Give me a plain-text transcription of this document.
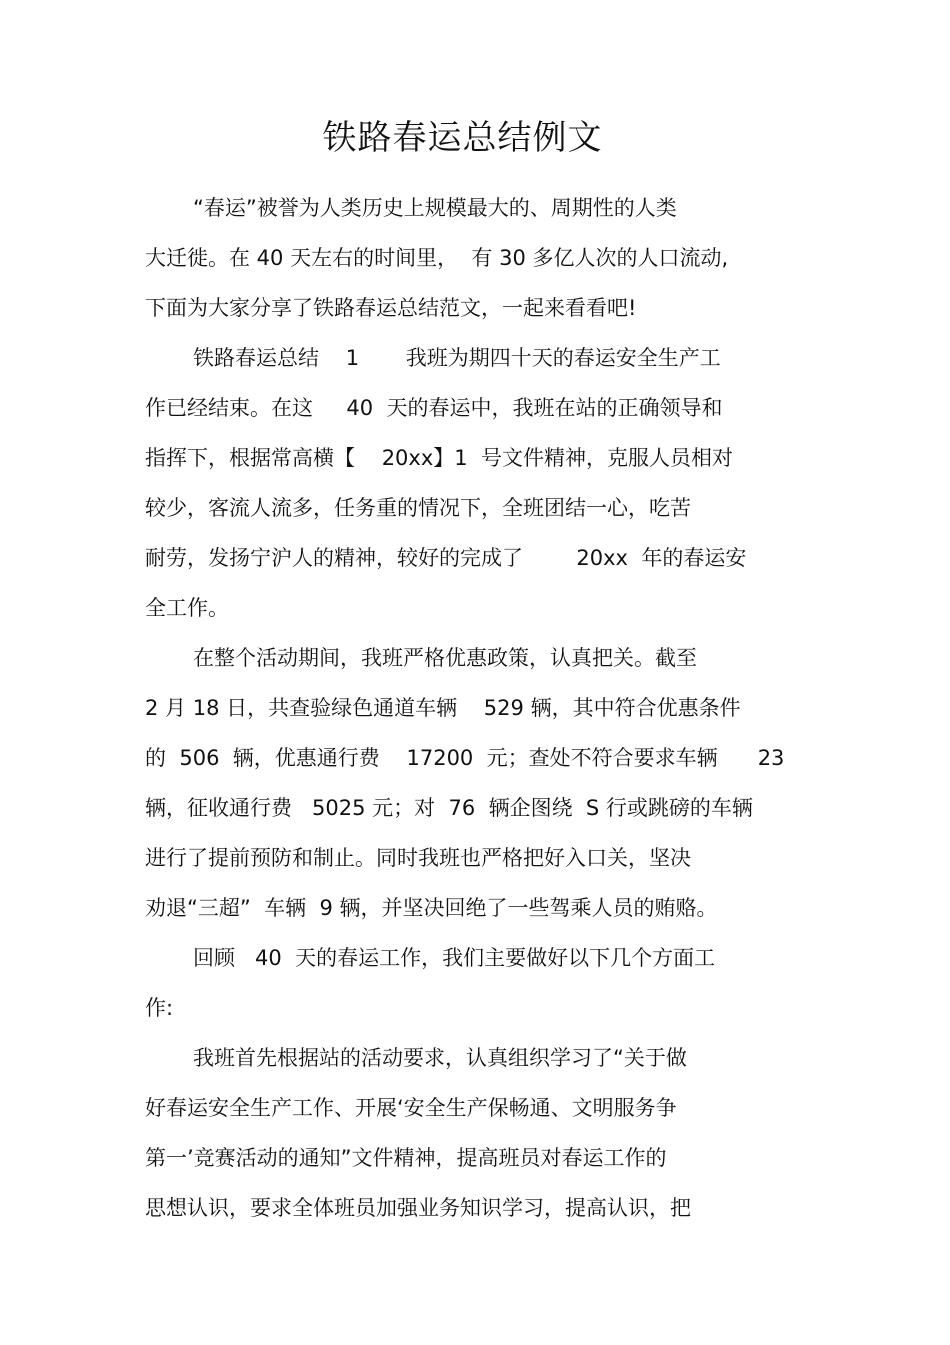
铁路春运总结例文
“春运”被誉为人类历史上规模最大的、周期性的人类
大迁徙。在 40 天左右的时间里，  有 30 多亿人次的人口流动,
下面为大家分享了铁路春运总结范文，一起来看看吧!
铁路春运总结    1       我班为期四十天的春运安全生产工
作已经结束。在这     40  天的春运中，我班在站的正确领导和
指挥下，根据常高横【    20xx】1  号文件精神，克服人员相对
较少，客流人流多，任务重的情况下，全班团结一心，吃苦
耐劳，发扬宁沪人的精神，较好的完成了        20xx  年的春运安
全工作。
在整个活动期间，我班严格优惠政策，认真把关。截至
2 月 18 日，共查验绿色通道车辆    529 辆，其中符合优惠条件
的  506  辆，优惠通行费    17200  元；查处不符合要求车辆      23
辆，征收通行费   5025 元；对  76  辆企图绕  S 行或跳磅的车辆
进行了提前预防和制止。同时我班也严格把好入口关，坚决
劝退“三超”  车辆  9 辆，并坚决回绝了一些驾乘人员的贿赂。
回顾   40  天的春运工作，我们主要做好以下几个方面工
作:
我班首先根据站的活动要求，认真组织学习了“关于做
好春运安全生产工作、开展‘安全生产保畅通、文明服务争
第一’竞赛活动的通知”文件精神，提高班员对春运工作的
思想认识，要求全体班员加强业务知识学习，提高认识，把
